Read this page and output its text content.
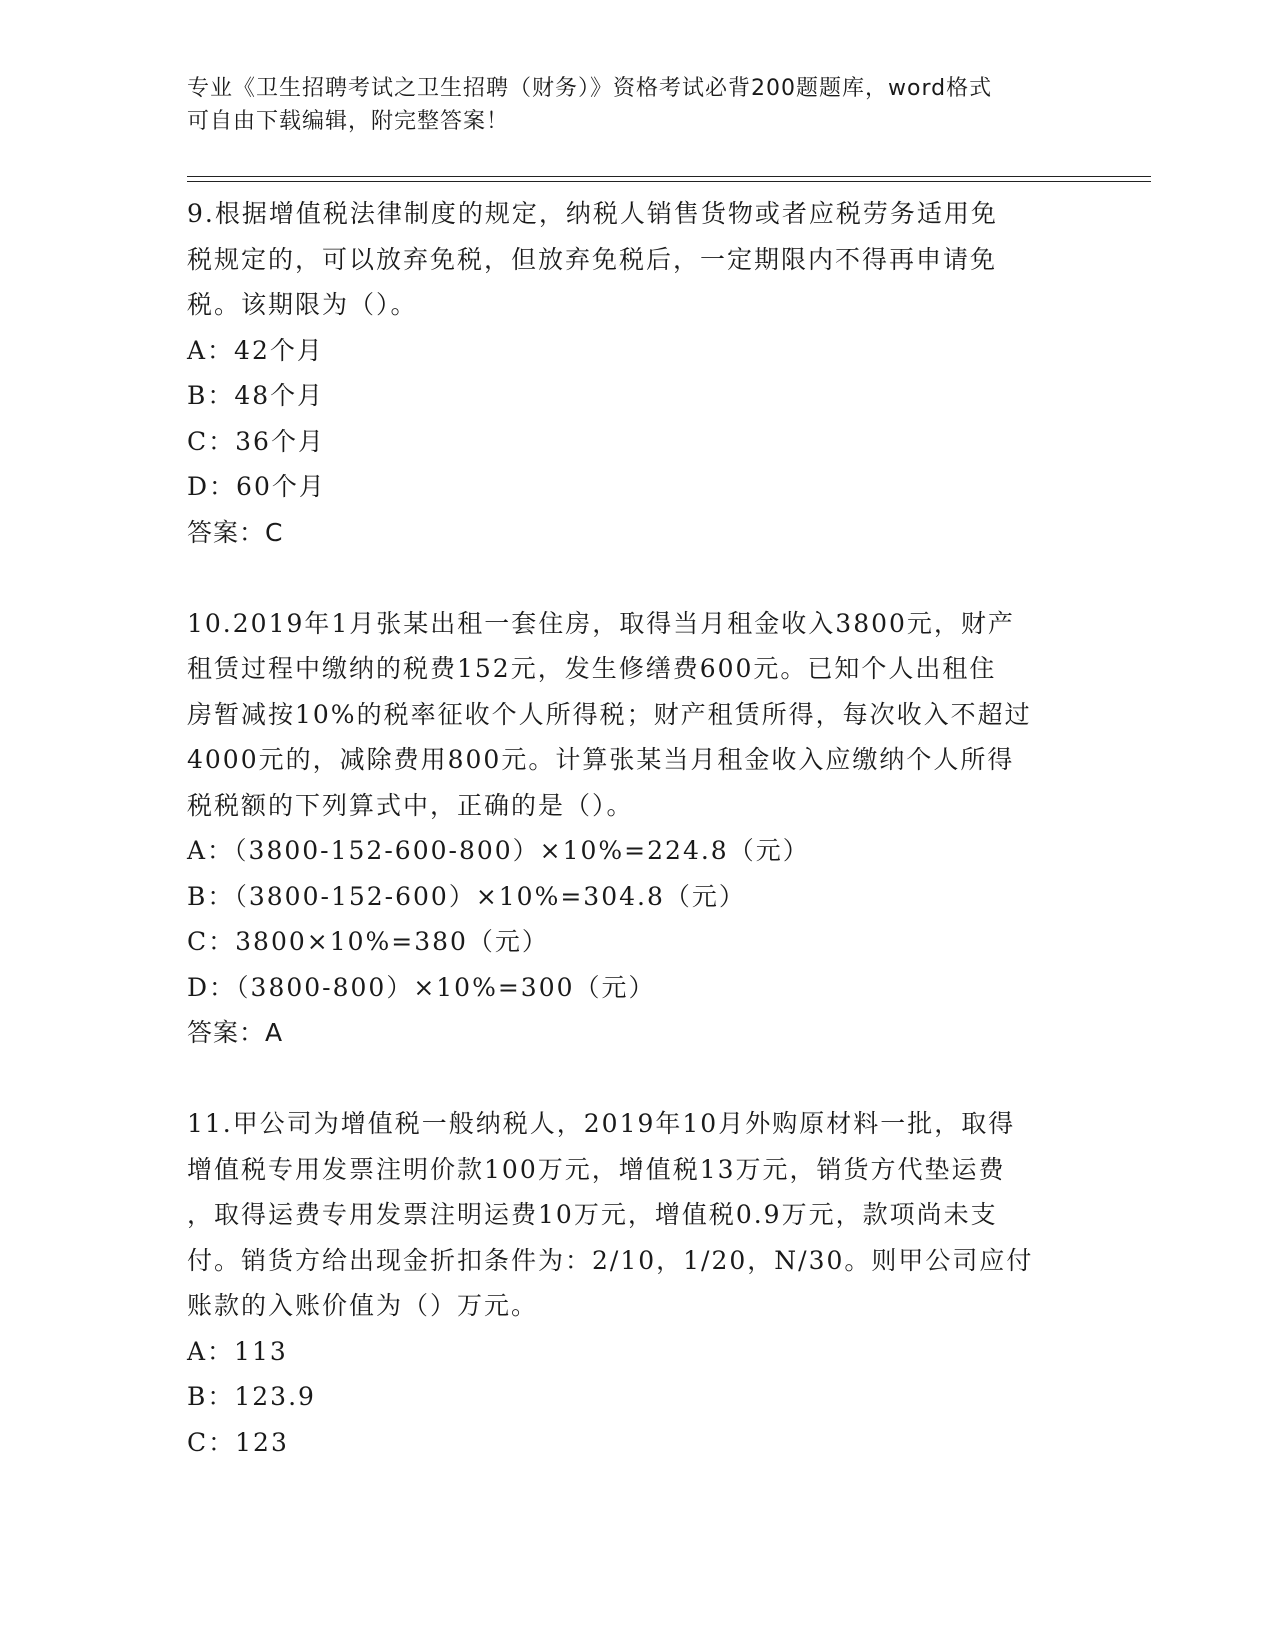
专业《卫生招聘考试之卫生招聘（财务）》资格考试必背200题题库，word格式
可自由下载编辑，附完整答案！
9.根据增值税法律制度的规定，纳税人销售货物或者应税劳务适用免
税规定的，可以放弃免税，但放弃免税后，一定期限内不得再申请免
税。该期限为（）。
A：42个月
B：48个月
C：36个月
D：60个月
答案：C
10.2019年1月张某出租一套住房，取得当月租金收入3800元，财产
租赁过程中缴纳的税费152元，发生修缮费600元。已知个人出租住
房暂减按10%的税率征收个人所得税；财产租赁所得，每次收入不超过
4000元的，减除费用800元。计算张某当月租金收入应缴纳个人所得
税税额的下列算式中，正确的是（）。
A：（3800-152-600-800）×10%=224.8（元）
B：（3800-152-600）×10%=304.8（元）
C：3800×10%=380（元）
D：（3800-800）×10%=300（元）
答案：A
11.甲公司为增值税一般纳税人，2019年10月外购原材料一批，取得
增值税专用发票注明价款100万元，增值税13万元，销货方代垫运费
，取得运费专用发票注明运费10万元，增值税0.9万元，款项尚未支
付。销货方给出现金折扣条件为：2/10，1/20，N/30。则甲公司应付
账款的入账价值为（）万元。
A：113
B：123.9
C：123
